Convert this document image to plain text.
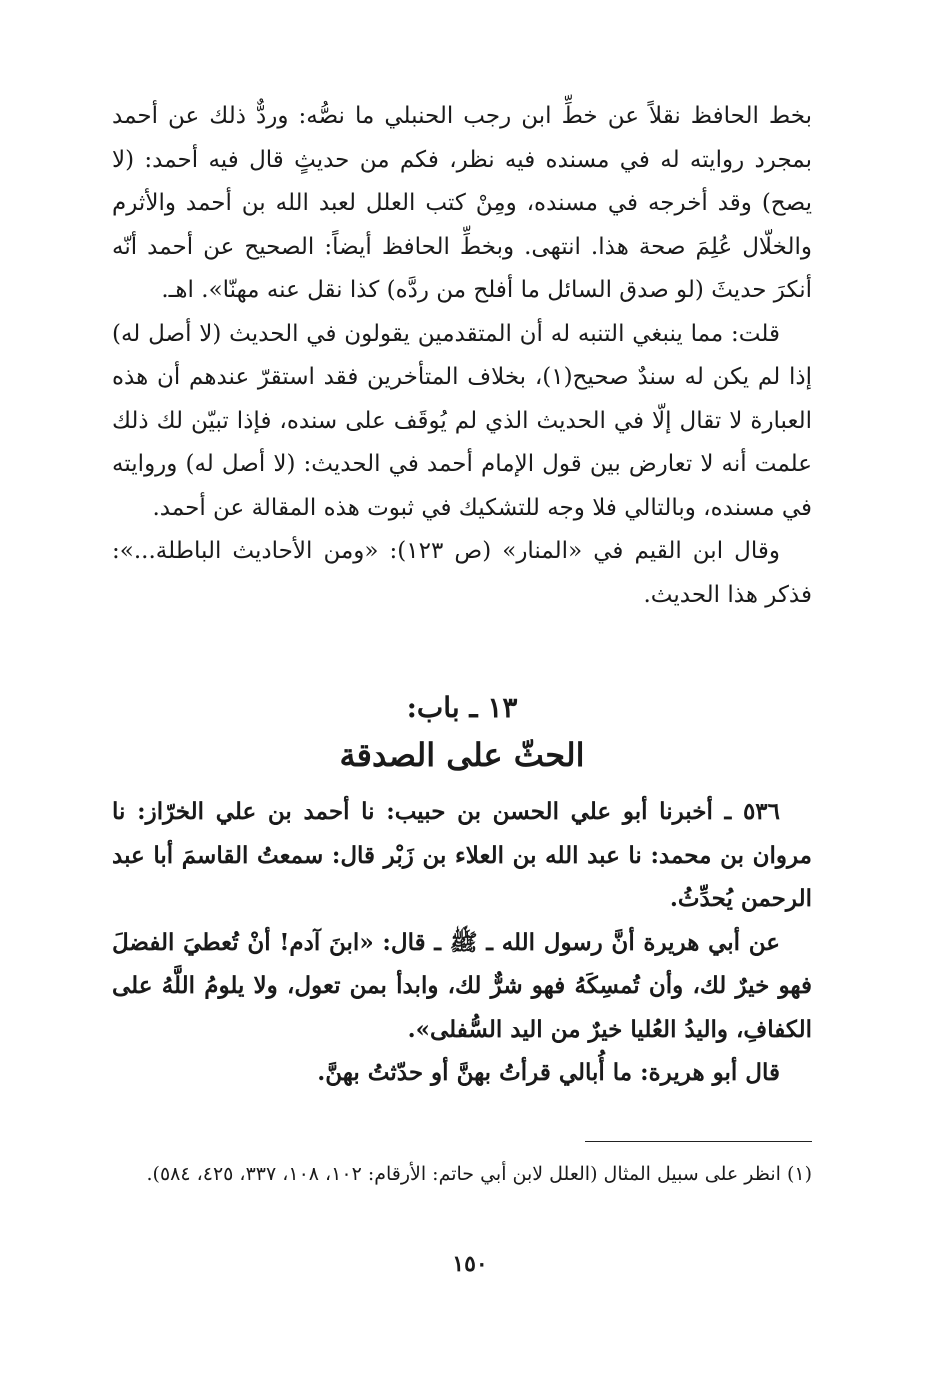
بخط الحافظ نقلاً عن خطِّ ابن رجب الحنبلي ما نصُّه: وردٌّ ذلك عن أحمد بمجرد روايته له في مسنده فيه نظر، فكم من حديثٍ قال فيه أحمد: (لا يصح) وقد أخرجه في مسنده، ومِنْ كتب العلل لعبد الله بن أحمد والأثرم والخلّال عُلِمَ صحة هذا. انتهى. وبخطِّ الحافظ أيضاً: الصحيح عن أحمد أنّه أنكرَ حديثَ (لو صدق السائل ما أفلح من ردَّه) كذا نقل عنه مهنّا». اهـ.
قلت: مما ينبغي التنبه له أن المتقدمين يقولون في الحديث (لا أصل له) إذا لم يكن له سندٌ صحيح(١)، بخلاف المتأخرين فقد استقرّ عندهم أن هذه العبارة لا تقال إلّا في الحديث الذي لم يُوقَف على سنده، فإذا تبيّن لك ذلك علمت أنه لا تعارض بين قول الإمام أحمد في الحديث: (لا أصل له) وروايته في مسنده، وبالتالي فلا وجه للتشكيك في ثبوت هذه المقالة عن أحمد.
وقال ابن القيم في «المنار» (ص ١٢٣): «ومن الأحاديث الباطلة...»: فذكر هذا الحديث.
١٣ ـ باب:
الحثّ على الصدقة
٥٣٦ ـ أخبرنا أبو علي الحسن بن حبيب: نا أحمد بن علي الخرّاز: نا مروان بن محمد: نا عبد الله بن العلاء بن زَبْر قال: سمعتُ القاسمَ أبا عبد الرحمن يُحدِّثُ.
عن أبي هريرة أنَّ رسول الله ـ ﷺ ـ قال: «ابنَ آدم! أنْ تُعطيَ الفضلَ فهو خيرٌ لك، وأن تُمسِكَهُ فهو شرٌّ لك، وابدأ بمن تعول، ولا يلومُ اللَّهُ على الكفافِ، واليدُ العُليا خيرٌ من اليد السُّفلى».
قال أبو هريرة: ما أُبالي قرأتُ بهنَّ أو حدّثتُ بهنَّ.
(١) انظر على سبيل المثال (العلل لابن أبي حاتم: الأرقام: ١٠٢، ١٠٨، ٣٣٧، ٤٢٥، ٥٨٤).
١٥٠
